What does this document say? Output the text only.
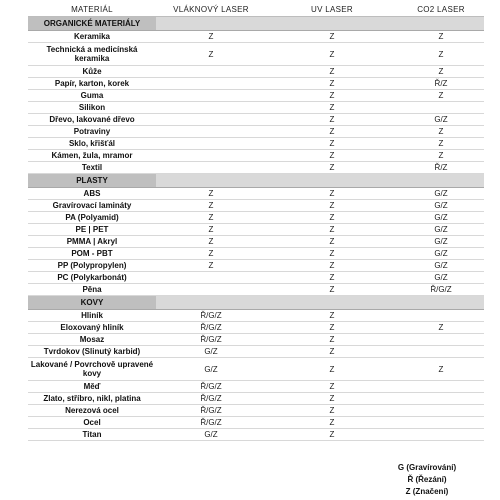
MATERIÁL	VLÁKNOVÝ LASER	UV LASER	CO2 LASER
ORGANICKÉ MATERIÁLY			
Keramika	Z	Z	Z
Technická a medicínská keramika	Z	Z	Z
Kůže		Z	Z
Papír, karton, korek		Z	Ř/Z
Guma		Z	Z
Silikon		Z	
Dřevo, lakované dřevo		Z	G/Z
Potraviny		Z	Z
Sklo, křišťál		Z	Z
Kámen, žula, mramor		Z	Z
Textil		Z	Ř/Z
PLASTY			
ABS	Z	Z	G/Z
Gravírovací lamináty	Z	Z	G/Z
PA (Polyamid)	Z	Z	G/Z
PE | PET	Z	Z	G/Z
PMMA | Akryl	Z	Z	G/Z
POM - PBT	Z	Z	G/Z
PP (Polypropylen)	Z	Z	G/Z
PC (Polykarbonát)		Z	G/Z
Pěna		Z	Ř/G/Z
KOVY			
Hliník	Ř/G/Z	Z	
Eloxovaný hliník	Ř/G/Z	Z	Z
Mosaz	Ř/G/Z	Z	
Tvrdokov (Slinutý karbid)	G/Z	Z	
Lakované / Povrchově upravené kovy	G/Z	Z	Z
Měď	Ř/G/Z	Z	
Zlato, stříbro, nikl, platina	Ř/G/Z	Z	
Nerezová ocel	Ř/G/Z	Z	
Ocel	Ř/G/Z	Z	
Titan	G/Z	Z	
G (Gravírování)
Ř (Řezání)
Z (Značení)
